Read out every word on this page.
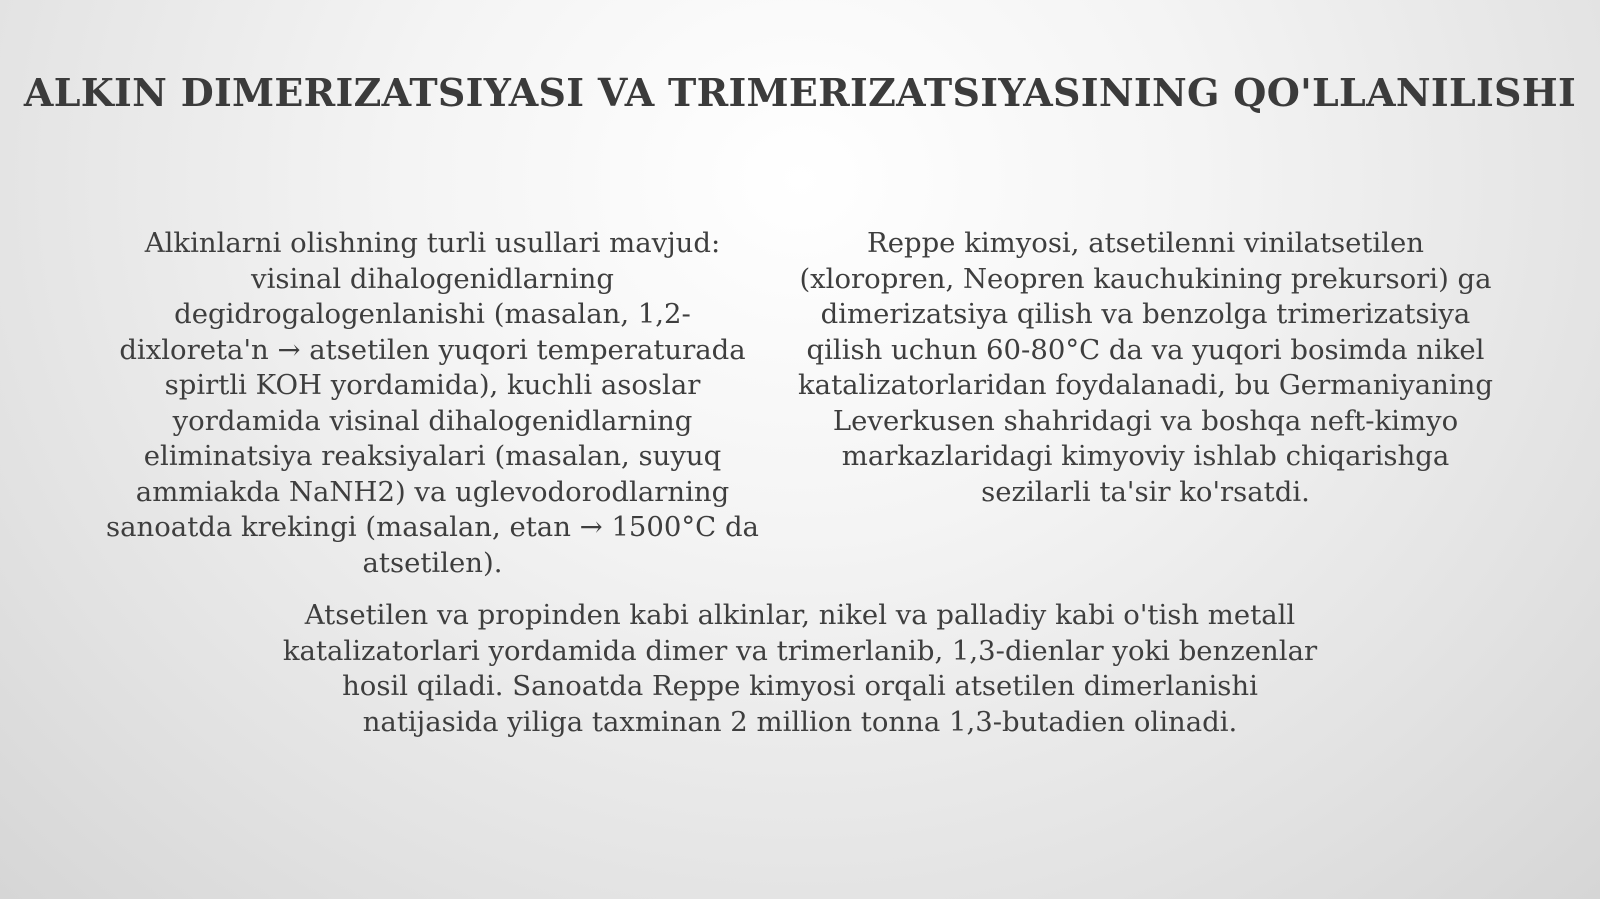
ALKIN DIMERIZATSIYASI VA TRIMERIZATSIYASINING QO'LLANILISHI

Alkinlarni olishning turli usullari mavjud: visinal dihalogenidlarning degidrogalogenlanishi (masalan, 1,2-dixloreta'n → atsetilen yuqori temperaturada spirtli KOH yordamida), kuchli asoslar yordamida visinal dihalogenidlarning eliminatsiya reaksiyalari (masalan, suyuq ammiakda NaNH2) va uglevodorodlarning sanoatda krekingi (masalan, etan → 1500°C da atsetilen).

Reppe kimyosi, atsetilenni vinilatsetilen (xloropren, Neopren kauchukining prekursori) ga dimerizatsiya qilish va benzolga trimerizatsiya qilish uchun 60-80°C da va yuqori bosimda nikel katalizatorlaridan foydalanadi, bu Germaniyaning Leverkusen shahridagi va boshqa neft-kimyo markazlaridagi kimyoviy ishlab chiqarishga sezilarli ta'sir ko'rsatdi.

Atsetilen va propinden kabi alkinlar, nikel va palladiy kabi o'tish metall katalizatorlari yordamida dimer va trimerlanib, 1,3-dienlar yoki benzenlar hosil qiladi. Sanoatda Reppe kimyosi orqali atsetilen dimerlanishi natijasida yiliga taxminan 2 million tonna 1,3-butadien olinadi.
